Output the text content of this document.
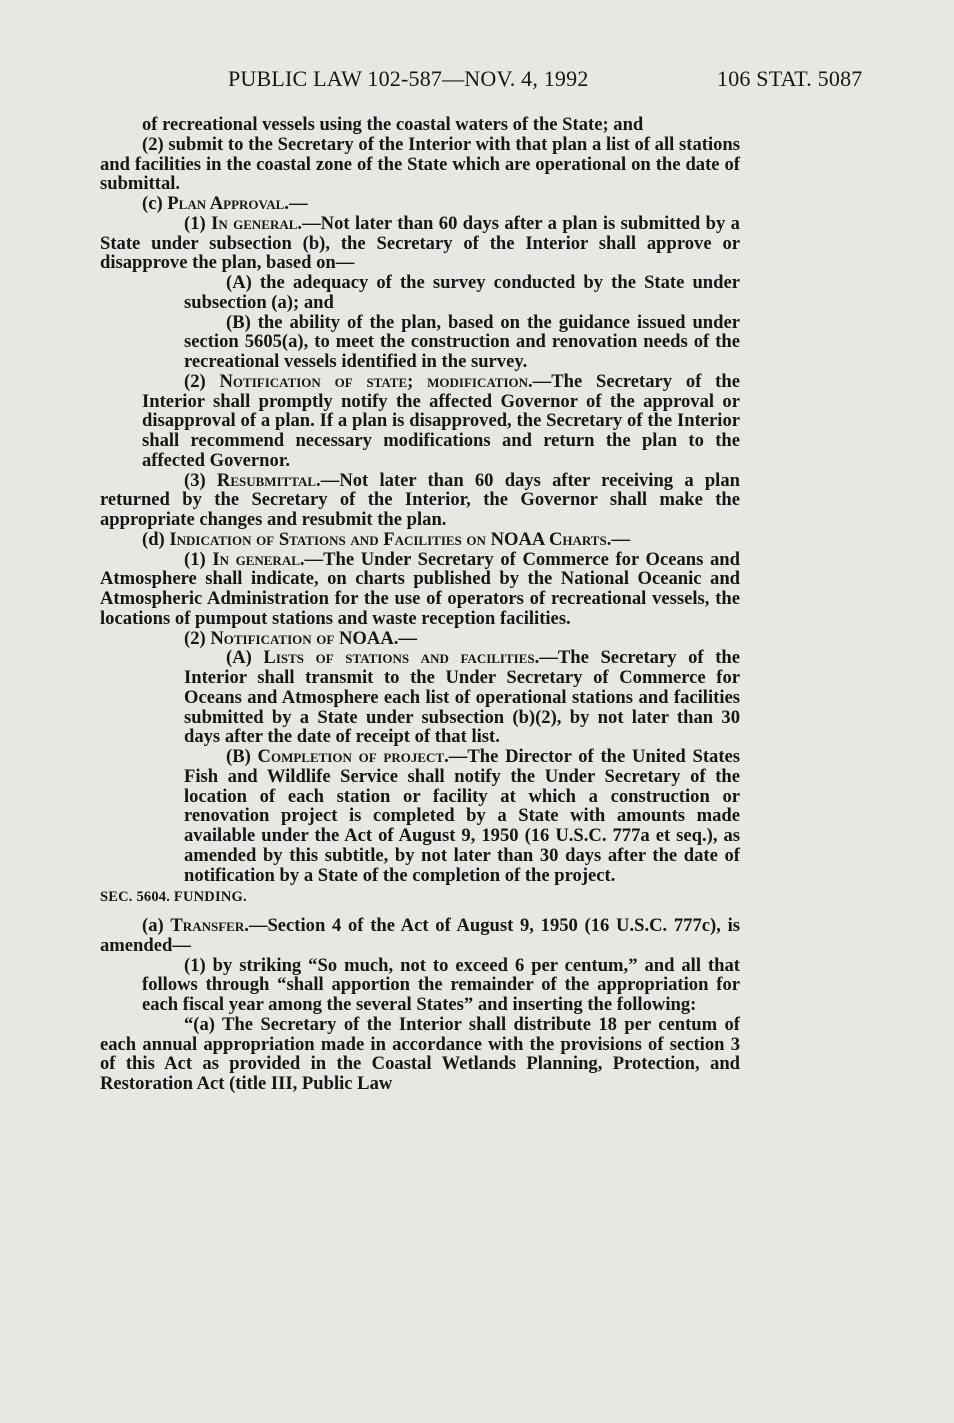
PUBLIC LAW 102-587—NOV. 4, 1992	106 STAT. 5087

of recreational vessels using the coastal waters of the State; and

(2) submit to the Secretary of the Interior with that plan a list of all stations and facilities in the coastal zone of the State which are operational on the date of submittal.

(c) Plan Approval.—

(1) In general.—Not later than 60 days after a plan is submitted by a State under subsection (b), the Secretary of the Interior shall approve or disapprove the plan, based on—

(A) the adequacy of the survey conducted by the State under subsection (a); and

(B) the ability of the plan, based on the guidance issued under section 5605(a), to meet the construction and renovation needs of the recreational vessels identified in the survey.

(2) Notification of state; modification.—The Secretary of the Interior shall promptly notify the affected Governor of the approval or disapproval of a plan. If a plan is disapproved, the Secretary of the Interior shall recommend necessary modifications and return the plan to the affected Governor.

(3) Resubmittal.—Not later than 60 days after receiving a plan returned by the Secretary of the Interior, the Governor shall make the appropriate changes and resubmit the plan.

(d) Indication of Stations and Facilities on NOAA Charts.—

(1) In general.—The Under Secretary of Commerce for Oceans and Atmosphere shall indicate, on charts published by the National Oceanic and Atmospheric Administration for the use of operators of recreational vessels, the locations of pumpout stations and waste reception facilities.

(2) Notification of NOAA.—

(A) Lists of stations and facilities.—The Secretary of the Interior shall transmit to the Under Secretary of Commerce for Oceans and Atmosphere each list of operational stations and facilities submitted by a State under subsection (b)(2), by not later than 30 days after the date of receipt of that list.

(B) Completion of project.—The Director of the United States Fish and Wildlife Service shall notify the Under Secretary of the location of each station or facility at which a construction or renovation project is completed by a State with amounts made available under the Act of August 9, 1950 (16 U.S.C. 777a et seq.), as amended by this subtitle, by not later than 30 days after the date of notification by a State of the completion of the project.

SEC. 5604. FUNDING.

(a) Transfer.—Section 4 of the Act of August 9, 1950 (16 U.S.C. 777c), is amended—

(1) by striking “So much, not to exceed 6 per centum,” and all that follows through “shall apportion the remainder of the appropriation for each fiscal year among the several States” and inserting the following:

“(a) The Secretary of the Interior shall distribute 18 per centum of each annual appropriation made in accordance with the provisions of section 3 of this Act as provided in the Coastal Wetlands Planning, Protection, and Restoration Act (title III, Public Law
